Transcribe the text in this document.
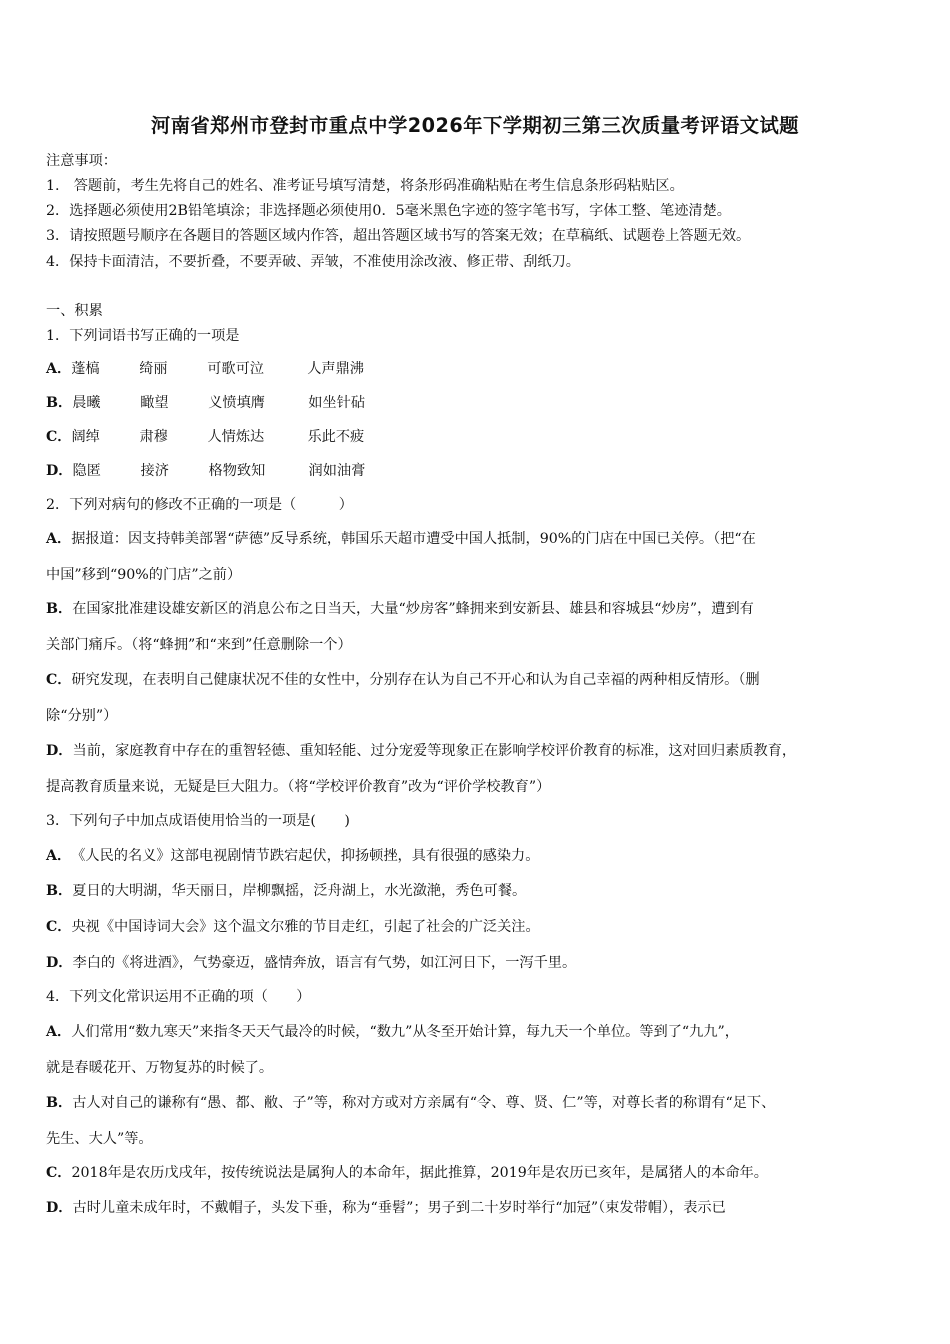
河南省郑州市登封市重点中学2026年下学期初三第三次质量考评语文试题
注意事项：
1.　答题前，考生先将自己的姓名、准考证号填写清楚，将条形码准确粘贴在考生信息条形码粘贴区。
2．选择题必须使用2B铅笔填涂；非选择题必须使用0．5毫米黑色字迹的签字笔书写，字体工整、笔迹清楚。
3．请按照题号顺序在各题目的答题区域内作答，超出答题区域书写的答案无效；在草稿纸、试题卷上答题无效。
4．保持卡面清洁，不要折叠，不要弄破、弄皱，不准使用涂改液、修正带、刮纸刀。
一、积累
1．下列词语书写正确的一项是
A．蓬槁	绮丽	可歌可泣	人声鼎沸
B．晨曦	瞰望	义愤填膺	如坐针砧
C．阔绰	肃穆	人情炼达	乐此不疲
D．隐匿	接济	格物致知	润如油膏
2．下列对病句的修改不正确的一项是（　　　）
A．据报道：因支持韩美部署“萨德”反导系统，韩国乐天超市遭受中国人抵制，90%的门店在中国已关停。（把“在
中国”移到“90%的门店”之前）
B．在国家批准建设雄安新区的消息公布之日当天，大量“炒房客”蜂拥来到安新县、雄县和容城县“炒房”，遭到有
关部门痛斥。（将“蜂拥”和“来到”任意删除一个）
C．研究发现，在表明自己健康状况不佳的女性中，分别存在认为自己不开心和认为自己幸福的两种相反情形。（删
除“分别”）
D．当前，家庭教育中存在的重智轻德、重知轻能、过分宠爱等现象正在影响学校评价教育的标准，这对回归素质教育，
提高教育质量来说，无疑是巨大阻力。（将“学校评价教育”改为“评价学校教育”）
3．下列句子中加点成语使用恰当的一项是(　　)
A．《人民的名义》这部电视剧情节跌宕起伏，抑扬顿挫，具有很强的感染力。
B．夏日的大明湖，华天丽日，岸柳飘摇，泛舟湖上，水光潋滟，秀色可餐。
C．央视《中国诗词大会》这个温文尔雅的节目走红，引起了社会的广泛关注。
D．李白的《将进酒》，气势豪迈，盛情奔放，语言有气势，如江河日下，一泻千里。
4．下列文化常识运用不正确的项（　　）
A．人们常用“数九寒天”来指冬天天气最冷的时候，“数九”从冬至开始计算，每九天一个单位。等到了“九九”，
就是春暖花开、万物复苏的时候了。
B．古人对自己的谦称有“愚、都、敝、子”等，称对方或对方亲属有“令、尊、贤、仁”等，对尊长者的称谓有“足下、
先生、大人”等。
C．2018年是农历戊戌年，按传统说法是属狗人的本命年，据此推算，2019年是农历已亥年，是属猪人的本命年。
D．古时儿童未成年时，不戴帽子，头发下垂，称为“垂髫”；男子到二十岁时举行“加冠”（束发带帽），表示已
